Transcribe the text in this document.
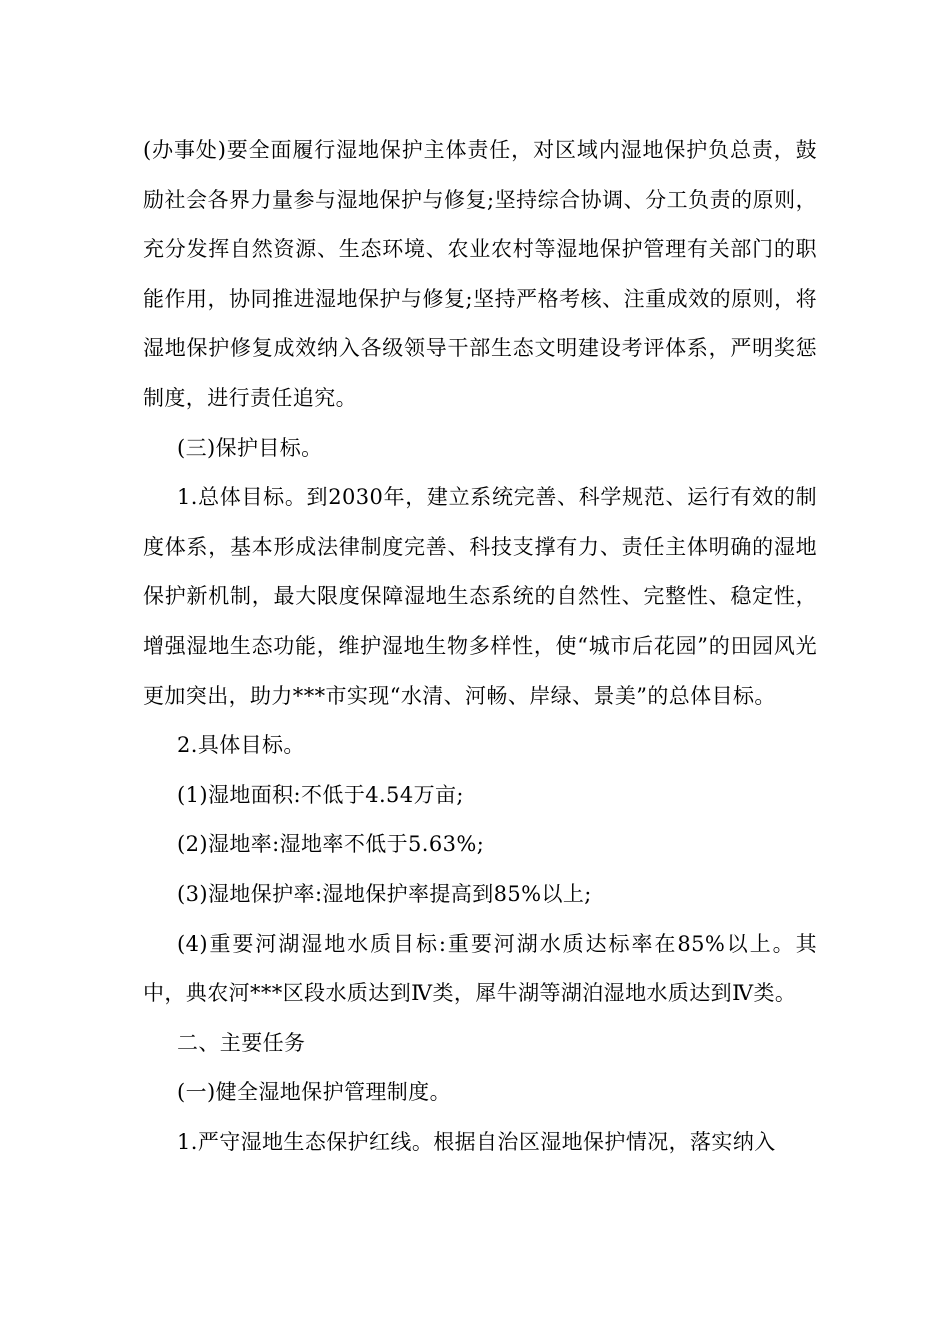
(办事处)要全面履行湿地保护主体责任，对区域内湿地保护负总责，鼓励社会各界力量参与湿地保护与修复;坚持综合协调、分工负责的原则，充分发挥自然资源、生态环境、农业农村等湿地保护管理有关部门的职能作用，协同推进湿地保护与修复;坚持严格考核、注重成效的原则，将湿地保护修复成效纳入各级领导干部生态文明建设考评体系，严明奖惩制度，进行责任追究。

(三)保护目标。

1.总体目标。到2030年，建立系统完善、科学规范、运行有效的制度体系，基本形成法律制度完善、科技支撑有力、责任主体明确的湿地保护新机制，最大限度保障湿地生态系统的自然性、完整性、稳定性，增强湿地生态功能，维护湿地生物多样性，使“城市后花园”的田园风光更加突出，助力***市实现“水清、河畅、岸绿、景美”的总体目标。

2.具体目标。

(1)湿地面积:不低于4.54万亩;

(2)湿地率:湿地率不低于5.63%;

(3)湿地保护率:湿地保护率提高到85%以上;

(4)重要河湖湿地水质目标:重要河湖水质达标率在85%以上。其中，典农河***区段水质达到Ⅳ类，犀牛湖等湖泊湿地水质达到Ⅳ类。

二、主要任务

(一)健全湿地保护管理制度。

1.严守湿地生态保护红线。根据自治区湿地保护情况，落实纳入
